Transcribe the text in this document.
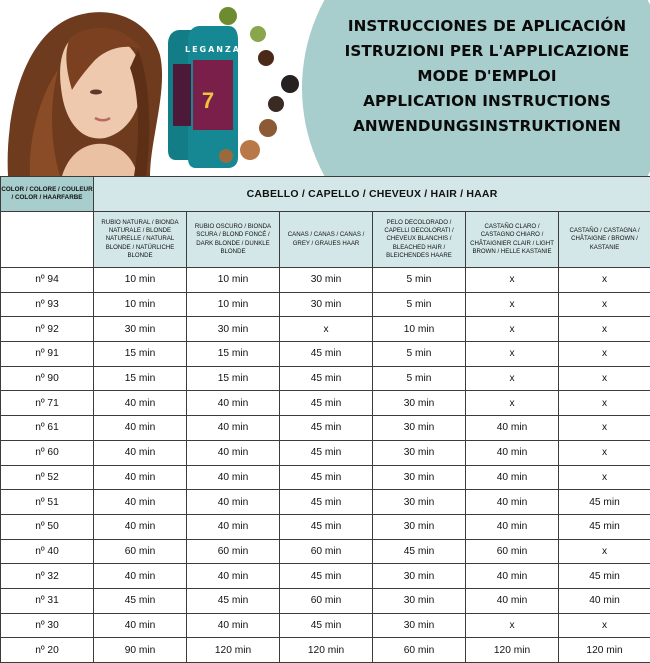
7
LEGANZA
INSTRUCCIONES DE APLICACIÓN
ISTRUZIONI PER L'APPLICAZIONE
MODE D'EMPLOI
APPLICATION INSTRUCTIONS
ANWENDUNGSINSTRUKTIONEN
COLOR / COLORE / COULEUR / COLOR / HAARFARBE	CABELLO / CAPELLO / CHEVEUX / HAIR / HAAR					
	RUBIO NATURAL / BIONDA NATURALE / BLONDE NATURELLE / NATURAL BLONDE / NATÜRLICHE BLONDE	RUBIO OSCURO / BIONDA SCURA / BLOND FONCÉ / DARK BLONDE / DUNKLE BLONDE	CANAS / CANAS / CANAS / GREY / GRAUES HAAR	PELO DECOLORADO / CAPELLI DECOLORATI / CHEVEUX BLANCHIS / BLEACHED HAIR / BLEICHENDES HAARE	CASTAÑO CLARO / CASTAGNO CHIARO / CHÂTAIGNIER CLAIR / LIGHT BROWN / HELLE KASTANIE	CASTAÑO / CASTAGNA / CHÂTAIGNE / BROWN / KASTANIE
nº 94	10 min	10 min	30 min	5 min	x	x
nº 93	10 min	10 min	30 min	5 min	x	x
nº 92	30 min	30 min	x	10 min	x	x
nº 91	15 min	15 min	45 min	5 min	x	x
nº 90	15 min	15 min	45 min	5 min	x	x
nº 71	40 min	40 min	45 min	30 min	x	x
nº 61	40 min	40 min	45 min	30 min	40 min	x
nº 60	40 min	40 min	45 min	30 min	40 min	x
nº 52	40 min	40 min	45 min	30 min	40 min	x
nº 51	40 min	40 min	45 min	30 min	40 min	45 min
nº 50	40 min	40 min	45 min	30 min	40 min	45 min
nº 40	60 min	60 min	60 min	45 min	60 min	x
nº 32	40 min	40 min	45 min	30 min	40 min	45 min
nº 31	45 min	45 min	60 min	30 min	40 min	40 min
nº 30	40 min	40 min	45 min	30 min	x	x
nº 20	90 min	120 min	120 min	60 min	120 min	120 min
